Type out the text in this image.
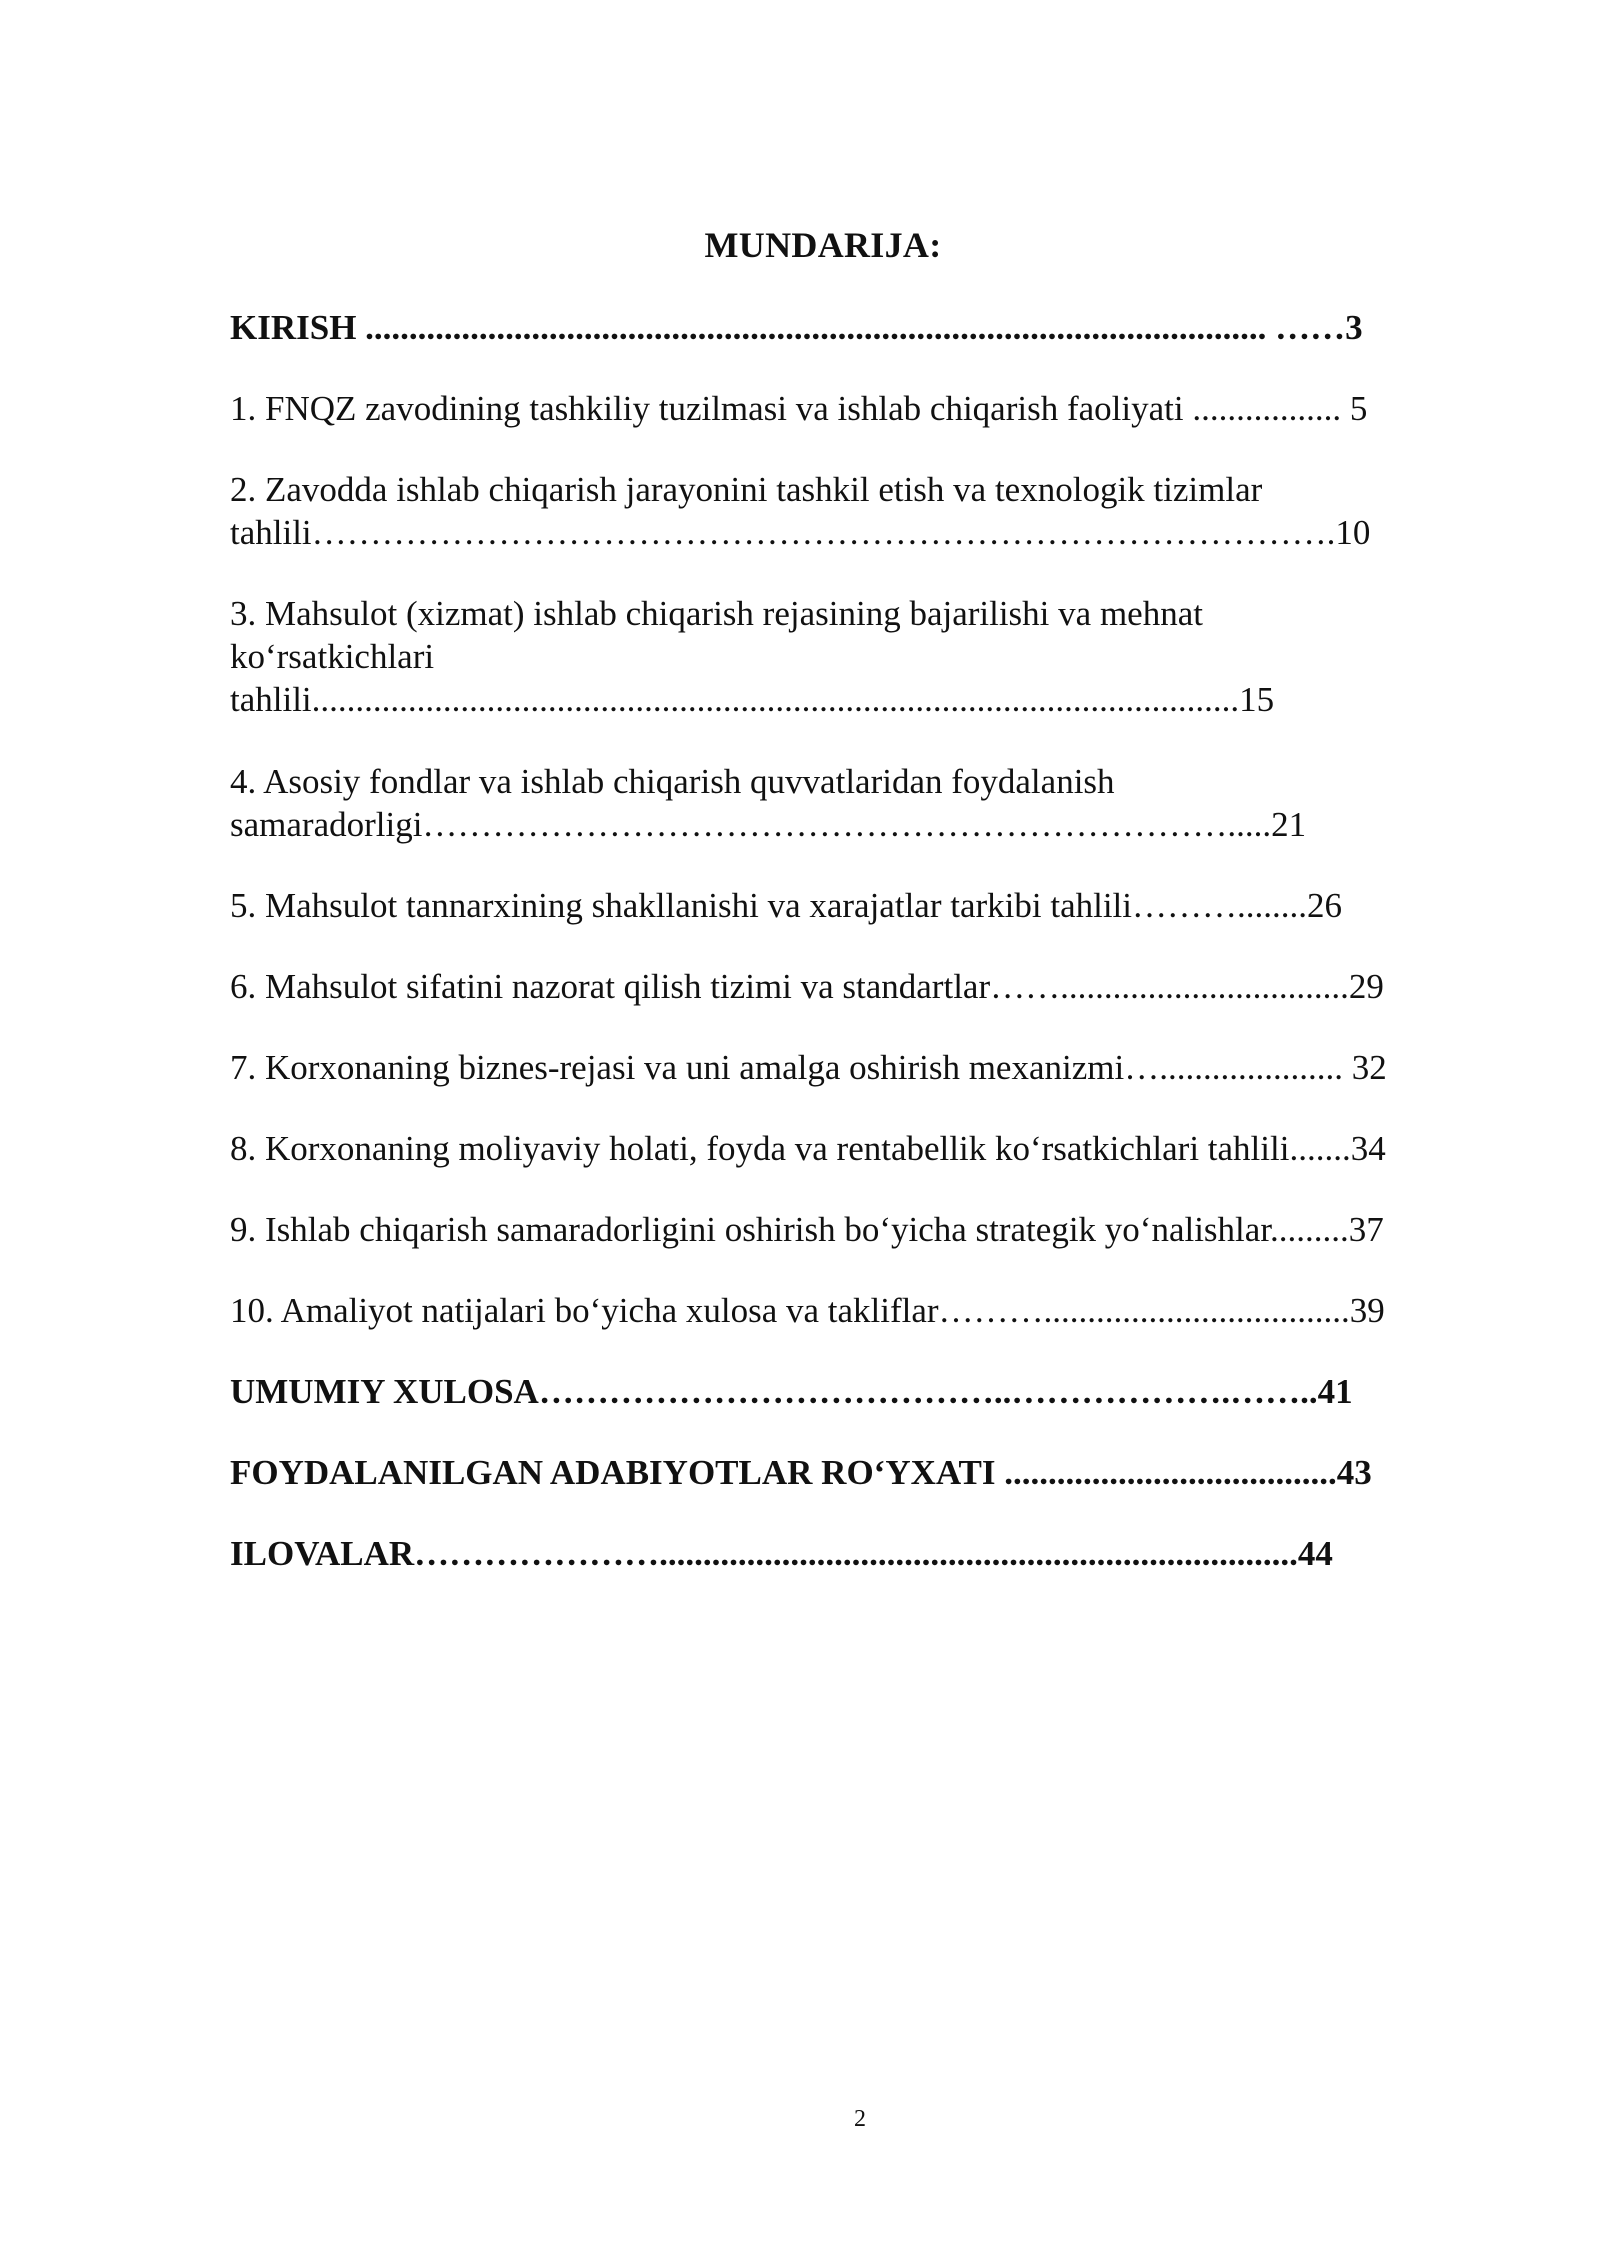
MUNDARIJA:
KIRISH ....................................................................................................... ……3
1. FNQZ zavodining tashkiliy tuzilmasi va ishlab chiqarish faoliyati ................. 5
2. Zavodda ishlab chiqarish jarayonini tashkil etish va texnologik tizimlar
tahlili…………………………………………………………………………….10
3. Mahsulot (xizmat) ishlab chiqarish rejasining bajarilishi va mehnat
ko‘rsatkichlari
tahlili..........................................................................................................15
4. Asosiy fondlar va ishlab chiqarish quvvatlaridan foydalanish
samaradorligi…………………………………………………………….....21
5. Mahsulot tannarxining shakllanishi va xarajatlar tarkibi tahlili………........26
6. Mahsulot sifatini nazorat qilish tizimi va standartlar…….................................29
7. Korxonaning biznes-rejasi va uni amalga oshirish mexanizmi…..................... 32
8. Korxonaning moliyaviy holati, foyda va rentabellik ko‘rsatkichlari tahlili.......34
9. Ishlab chiqarish samaradorligini oshirish bo‘yicha strategik yo‘nalishlar.........37
10. Amaliyot natijalari bo‘yicha xulosa va takliflar………...................................39
UMUMIY XULOSA…………………………………..……………….……..41
FOYDALANILGAN ADABIYOTLAR RO‘YXATI ......................................43
ILOVALAR………………….........................................................................44
2
